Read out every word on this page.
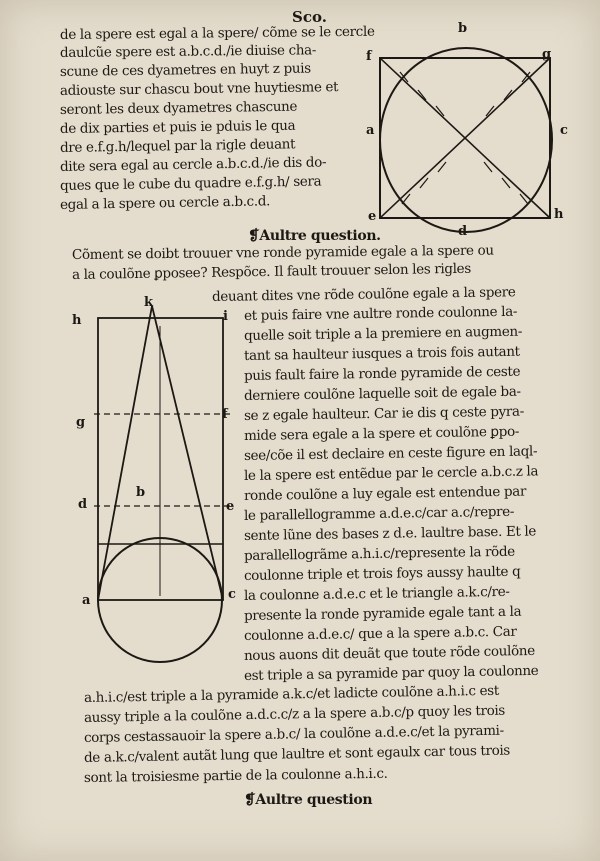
Sco.
de la spere est egal a la spere/ cõme se le cercle
daulcũe spere est a.b.c.d./ie diuise cha-
scune de ces dyametres en huyt z puis
adiouste sur chascu bout vne huytiesme et
seront les deux dyametres chascune
de dix parties et puis ie pduis le qua
dre e.f.g.h/lequel par la rigle deuant
dite sera egal au cercle a.b.c.d./ie dis do-
ques que le cube du quadre e.f.g.h/ sera
egal a la spere ou cercle a.b.c.d.
b
f	g
a	c
e
d
h
❡Aultre question.
Cõment se doibt trouuer vne ronde pyramide egale a la spere ou
a la coulõne ꝑposee? Respõce. Il fault trouuer selon les rigles
deuant dites vne rõde coulõne egale a la spere
k
h	i
g
f
b
d	e
a	c
et puis faire vne aultre ronde coulonne la-
quelle soit triple a la premiere en augmen-
tant sa haulteur iusques a trois fois autant
puis fault faire la ronde pyramide de ceste
derniere coulõne laquelle soit de egale ba-
se z egale haulteur. Car ie dis q ceste pyra-
mide sera egale a la spere et coulõne ꝑpo-
see/cõe il est declaire en ceste figure en laql-
le la spere est entẽdue par le cercle a.b.c.z la
ronde coulõne a luy egale est entendue par
le parallellogramme a.d.e.c/car a.c/repre-
sente lũne des bases z d.e. laultre base. Et le
parallellogrãme a.h.i.c/represente la rõde
coulonne triple et trois foys aussy haulte q
la coulonne a.d.e.c et le triangle a.k.c/re-
presente la ronde pyramide egale tant a la
coulonne a.d.e.c/ que a la spere a.b.c. Car
nous auons dit deuãt que toute rõde coulõne
est triple a sa pyramide par quoy la coulonne
a.h.i.c/est triple a la pyramide a.k.c/et ladicte coulõne a.h.i.c est
aussy triple a la coulõne a.d.c.c/z a la spere a.b.c/p quoy les trois
corps cestassauoir la spere a.b.c/ la coulõne a.d.e.c/et la pyrami-
de a.k.c/valent autãt lung que laultre et sont egaulx car tous trois
sont la troisiesme partie de la coulonne a.h.i.c.
❡Aultre question
